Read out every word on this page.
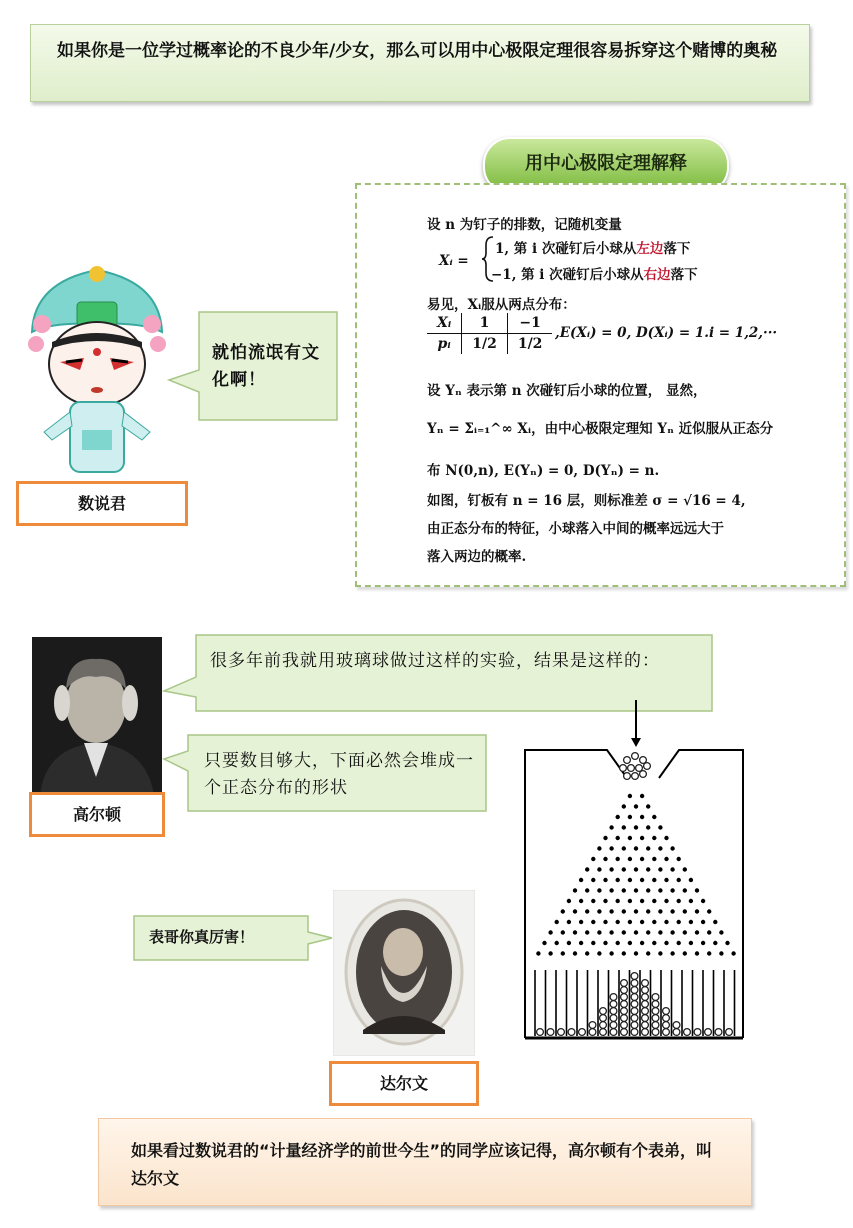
如果你是一位学过概率论的不良少年/少女，那么可以用中心极限定理很容易拆穿这个赌博的奥秘
用中心极限定理解释
设 n 为钉子的排数，记随机变量
Xᵢ =
1, 第 i 次碰钉后小球从左边落下
−1, 第 i 次碰钉后小球从右边落下
易见，Xᵢ服从两点分布：
Xᵢ	1	−1
pᵢ	1/2	1/2
,E(Xᵢ) = 0, D(Xᵢ) = 1.i = 1,2,···
设 Yₙ 表示第 n 次碰钉后小球的位置， 显然，
Yₙ = Σᵢ₌₁^∞ Xᵢ，由中心极限定理知 Yₙ 近似服从正态分
布 N(0,n), E(Yₙ) = 0, D(Yₙ) = n.
如图，钉板有 n = 16 层，则标准差 σ = √16 = 4,
由正态分布的特征，小球落入中间的概率远远大于
落入两边的概率.
就怕流氓有文化啊！
数说君
高尔顿
很多年前我就用玻璃球做过这样的实验，结果是这样的：
只要数目够大，下面必然会堆成一个正态分布的形状
表哥你真厉害！
达尔文
如果看过数说君的“计量经济学的前世今生”的同学应该记得，高尔顿有个表弟，叫达尔文
